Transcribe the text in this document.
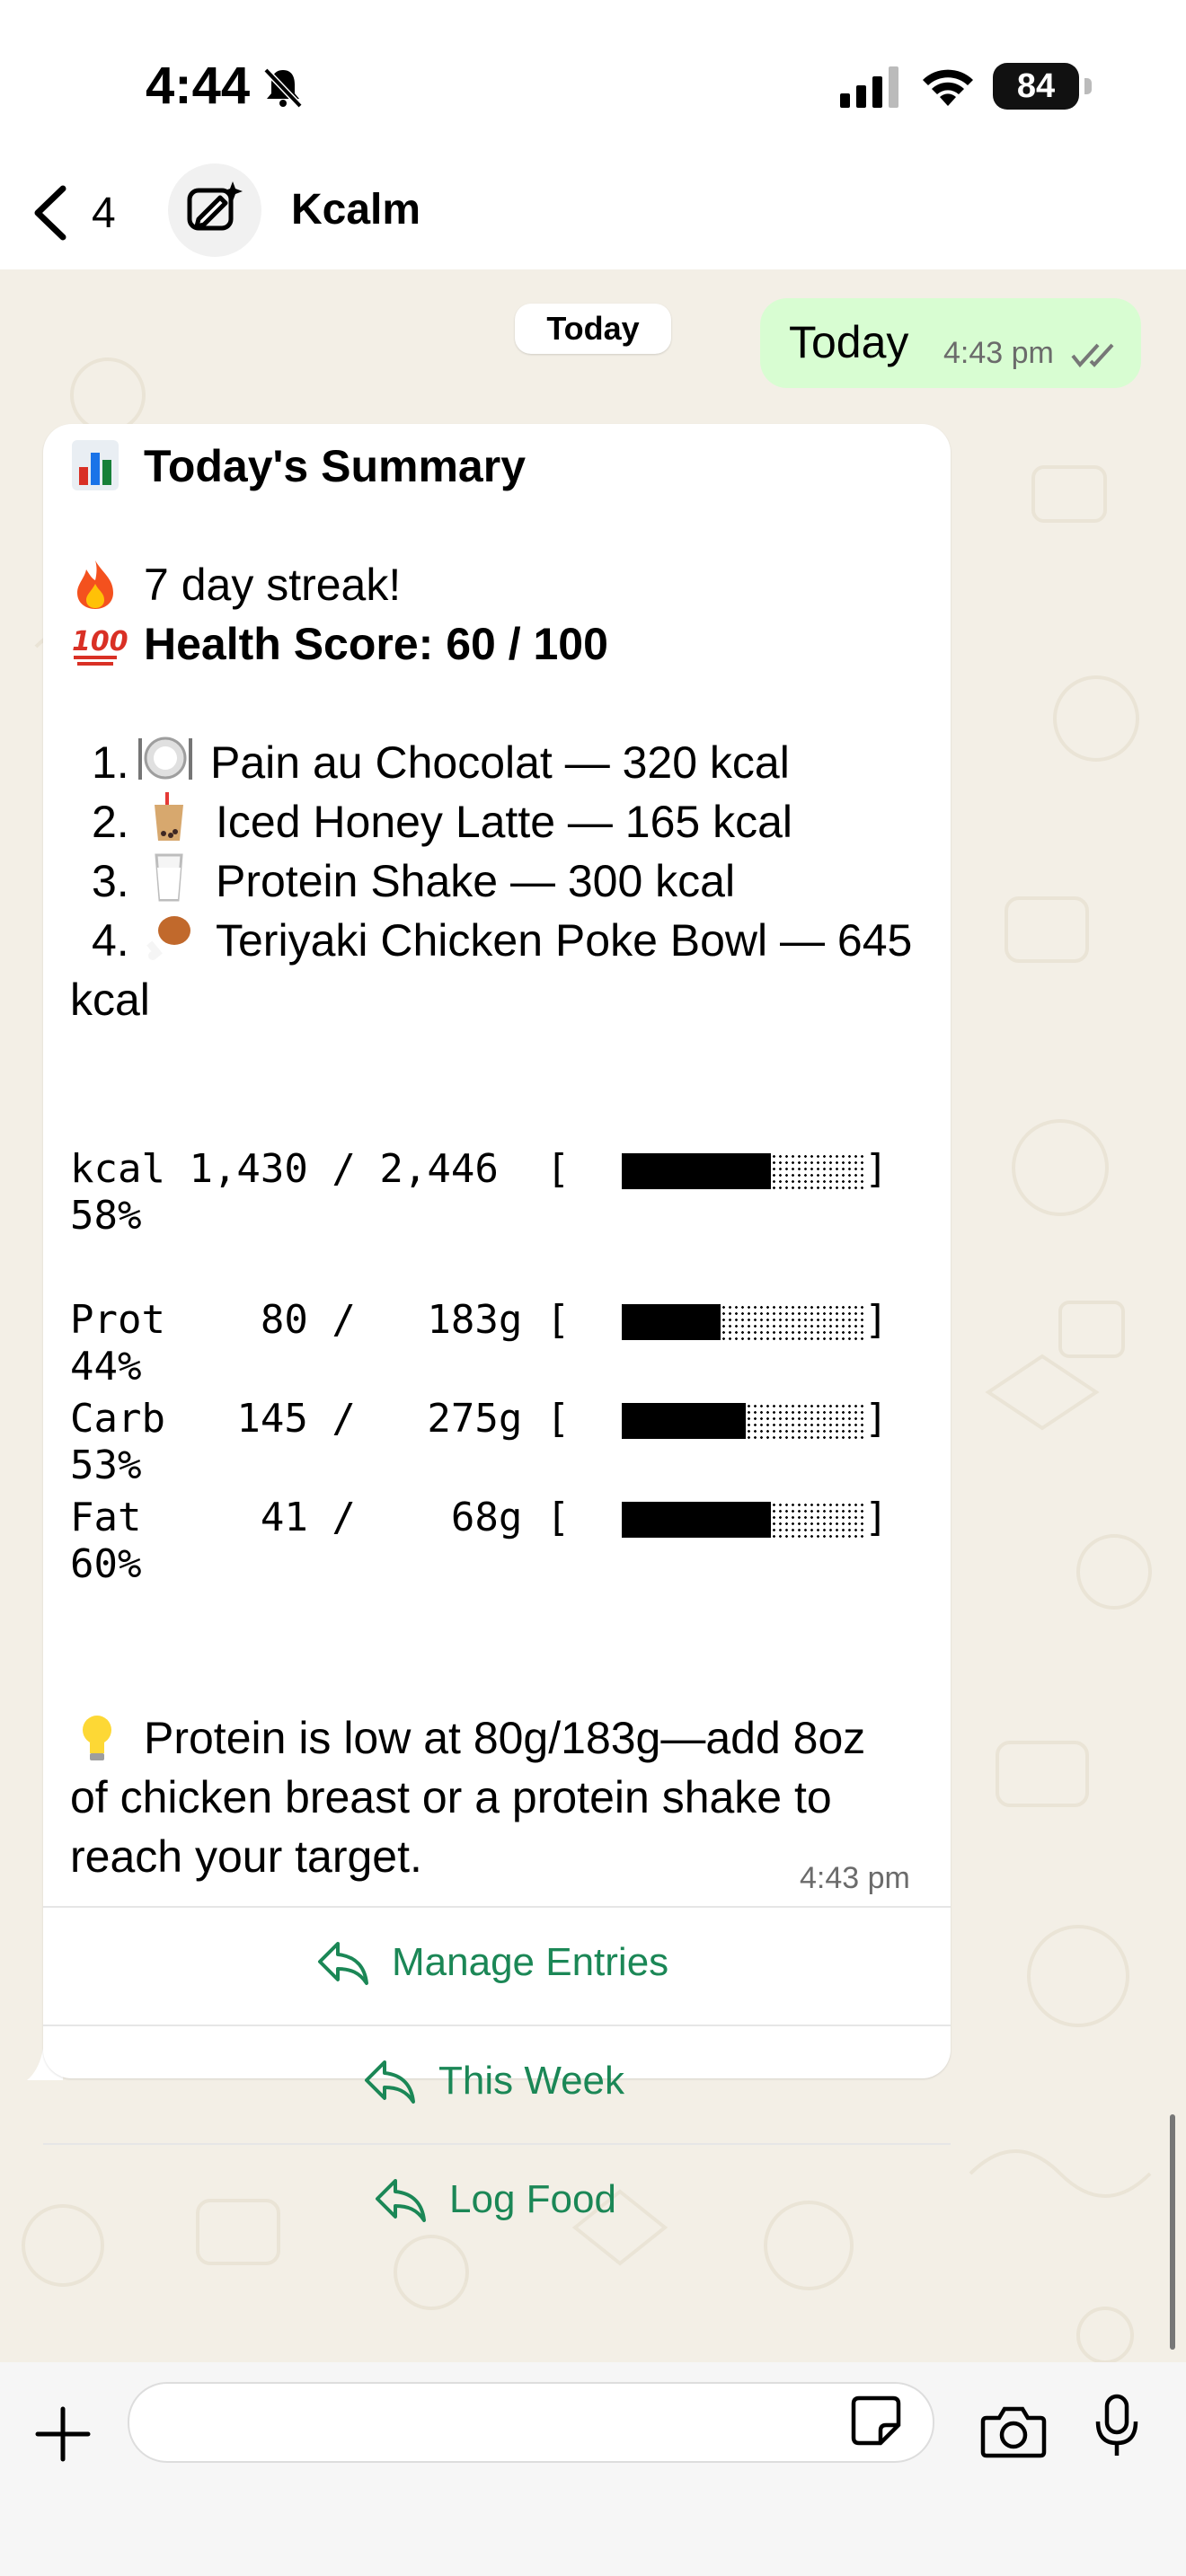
4:44	84
4	Kcalm
Today	Today 4:43 pm
Today's Summary
7 day streak!
100 Health Score: 60 / 100
1. Pain au Chocolat — 320 kcal
2. Iced Honey Latte — 165 kcal
3. Protein Shake — 300 kcal
4. Teriyaki Chicken Poke Bowl — 645
kcal
kcal 1,430 / 2,446  [	]
58%
Prot    80 /   183g [	]
44%
Carb   145 /   275g [	]
53%
Fat     41 /    68g [	]
60%
Protein is low at 80g/183g—add 8oz
of chicken breast or a protein shake to
reach your target.	4:43 pm
Manage Entries
This Week
Log Food
